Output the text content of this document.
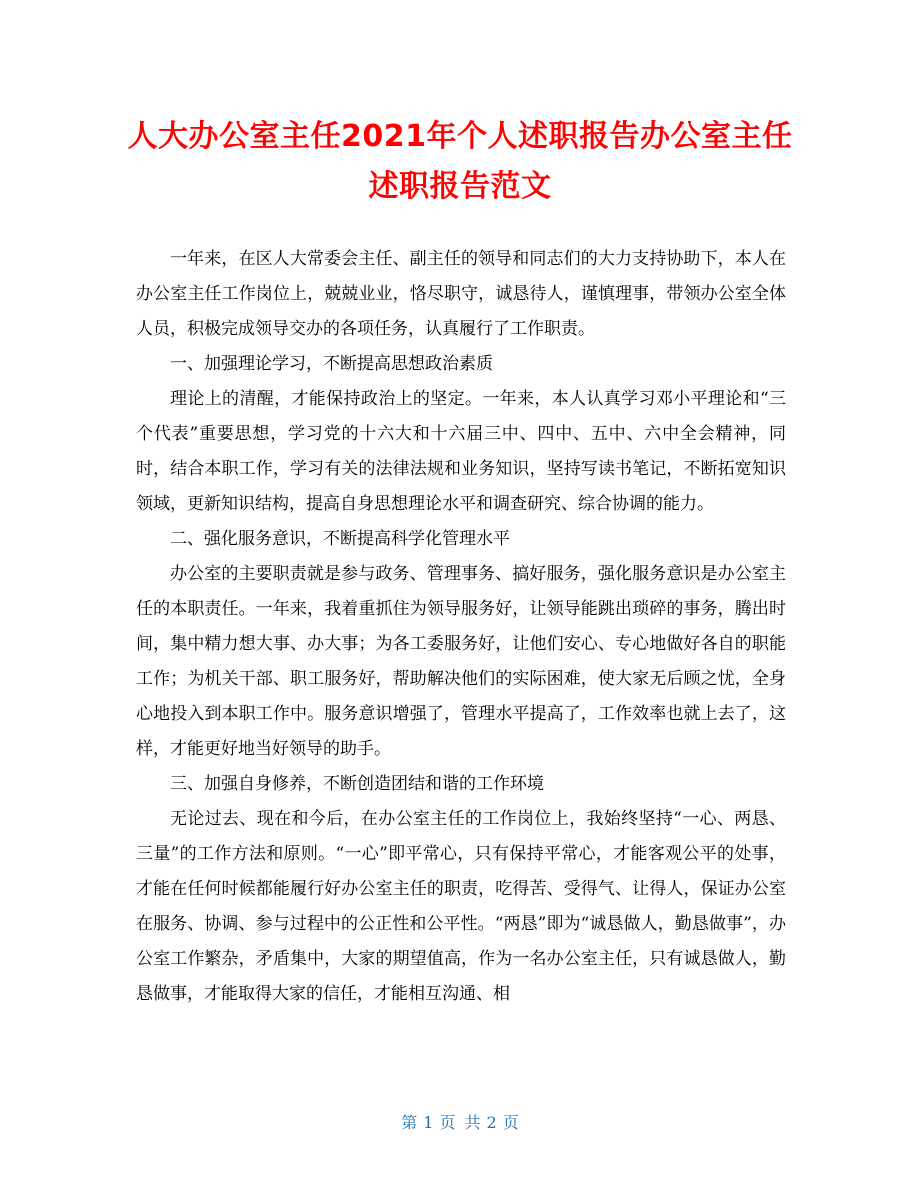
人大办公室主任2021年个人述职报告办公室主任述职报告范文

一年来，在区人大常委会主任、副主任的领导和同志们的大力支持协助下，本人在办公室主任工作岗位上，兢兢业业，恪尽职守，诚恳待人，谨慎理事，带领办公室全体人员，积极完成领导交办的各项任务，认真履行了工作职责。

一、加强理论学习，不断提高思想政治素质

理论上的清醒，才能保持政治上的坚定。一年来，本人认真学习邓小平理论和“三个代表”重要思想，学习党的十六大和十六届三中、四中、五中、六中全会精神，同时，结合本职工作，学习有关的法律法规和业务知识，坚持写读书笔记，不断拓宽知识领域，更新知识结构，提高自身思想理论水平和调查研究、综合协调的能力。

二、强化服务意识，不断提高科学化管理水平

办公室的主要职责就是参与政务、管理事务、搞好服务，强化服务意识是办公室主任的本职责任。一年来，我着重抓住为领导服务好，让领导能跳出琐碎的事务，腾出时间，集中精力想大事、办大事；为各工委服务好，让他们安心、专心地做好各自的职能工作；为机关干部、职工服务好，帮助解决他们的实际困难，使大家无后顾之忧，全身心地投入到本职工作中。服务意识增强了，管理水平提高了，工作效率也就上去了，这样，才能更好地当好领导的助手。

三、加强自身修养，不断创造团结和谐的工作环境

无论过去、现在和今后，在办公室主任的工作岗位上，我始终坚持“一心、两恳、三量”的工作方法和原则。“一心”即平常心，只有保持平常心，才能客观公平的处事，才能在任何时候都能履行好办公室主任的职责，吃得苦、受得气、让得人，保证办公室在服务、协调、参与过程中的公正性和公平性。“两恳”即为“诚恳做人，勤恳做事”，办公室工作繁杂，矛盾集中，大家的期望值高，作为一名办公室主任，只有诚恳做人，勤恳做事，才能取得大家的信任，才能相互沟通、相

第 1 页 共 2 页
